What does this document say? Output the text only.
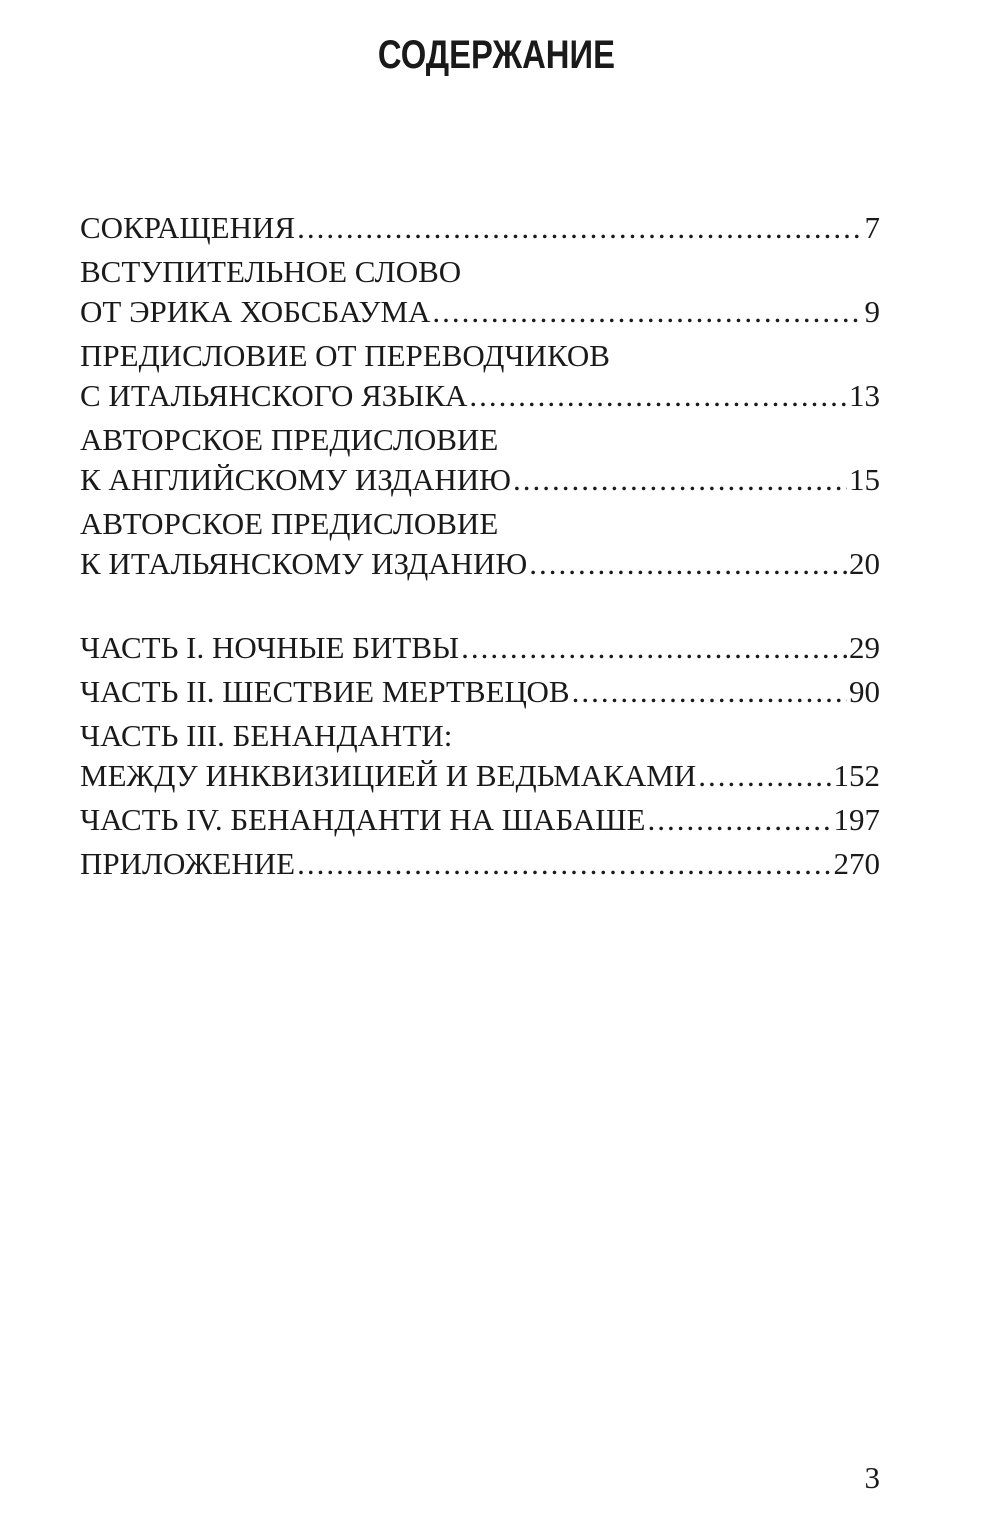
СОДЕРЖАНИЕ
СОКРАЩЕНИЯ .....	7
ВСТУПИТЕЛЬНОЕ СЛОВО
ОТ ЭРИКА ХОБСБАУМА .....	9
ПРЕДИСЛОВИЕ ОТ ПЕРЕВОДЧИКОВ
С ИТАЛЬЯНСКОГО ЯЗЫКА .....	13
АВТОРСКОЕ ПРЕДИСЛОВИЕ
К АНГЛИЙСКОМУ ИЗДАНИЮ .....	15
АВТОРСКОЕ ПРЕДИСЛОВИЕ
К ИТАЛЬЯНСКОМУ ИЗДАНИЮ .....	20
ЧАСТЬ I. НОЧНЫЕ БИТВЫ .....	29
ЧАСТЬ II. ШЕСТВИЕ МЕРТВЕЦОВ .....	90
ЧАСТЬ III. БЕНАНДАНТИ:
МЕЖДУ ИНКВИЗИЦИЕЙ И ВЕДЬМАКАМИ .....	152
ЧАСТЬ IV. БЕНАНДАНТИ НА ШАБАШЕ .....	197
ПРИЛОЖЕНИЕ .....	270
3
